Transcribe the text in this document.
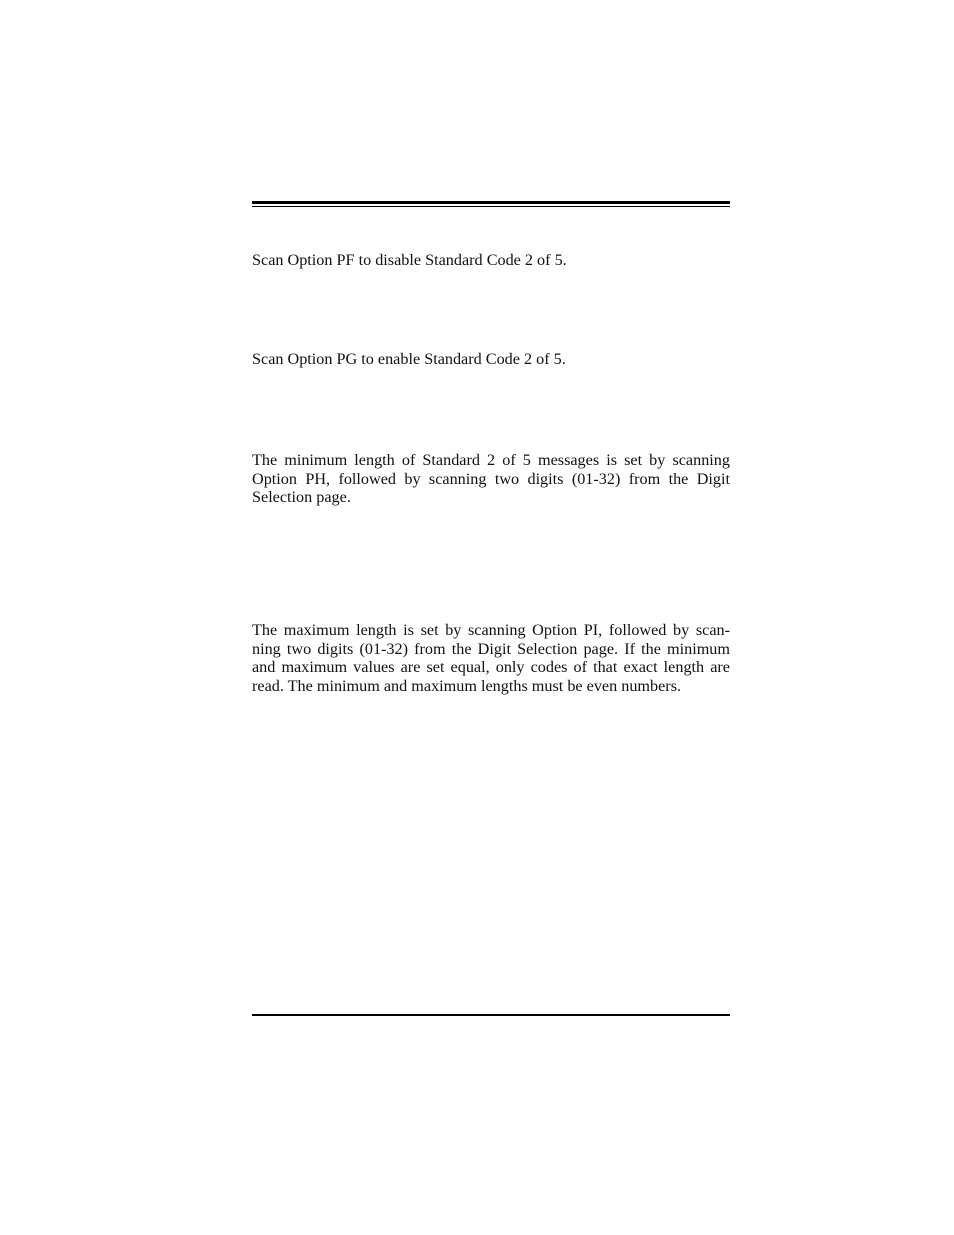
Scan Option PF to disable Standard Code 2 of 5.

Scan Option PG to enable Standard Code 2 of 5.

The minimum length of Standard 2 of 5 messages is set by scanning
Option PH, followed by scanning two digits (01-32) from the Digit
Selection page.

The maximum length is set by scanning Option PI, followed by scan-
ning two digits (01-32) from the Digit Selection page. If the minimum
and maximum values are set equal, only codes of that exact length are
read. The minimum and maximum lengths must be even numbers.
